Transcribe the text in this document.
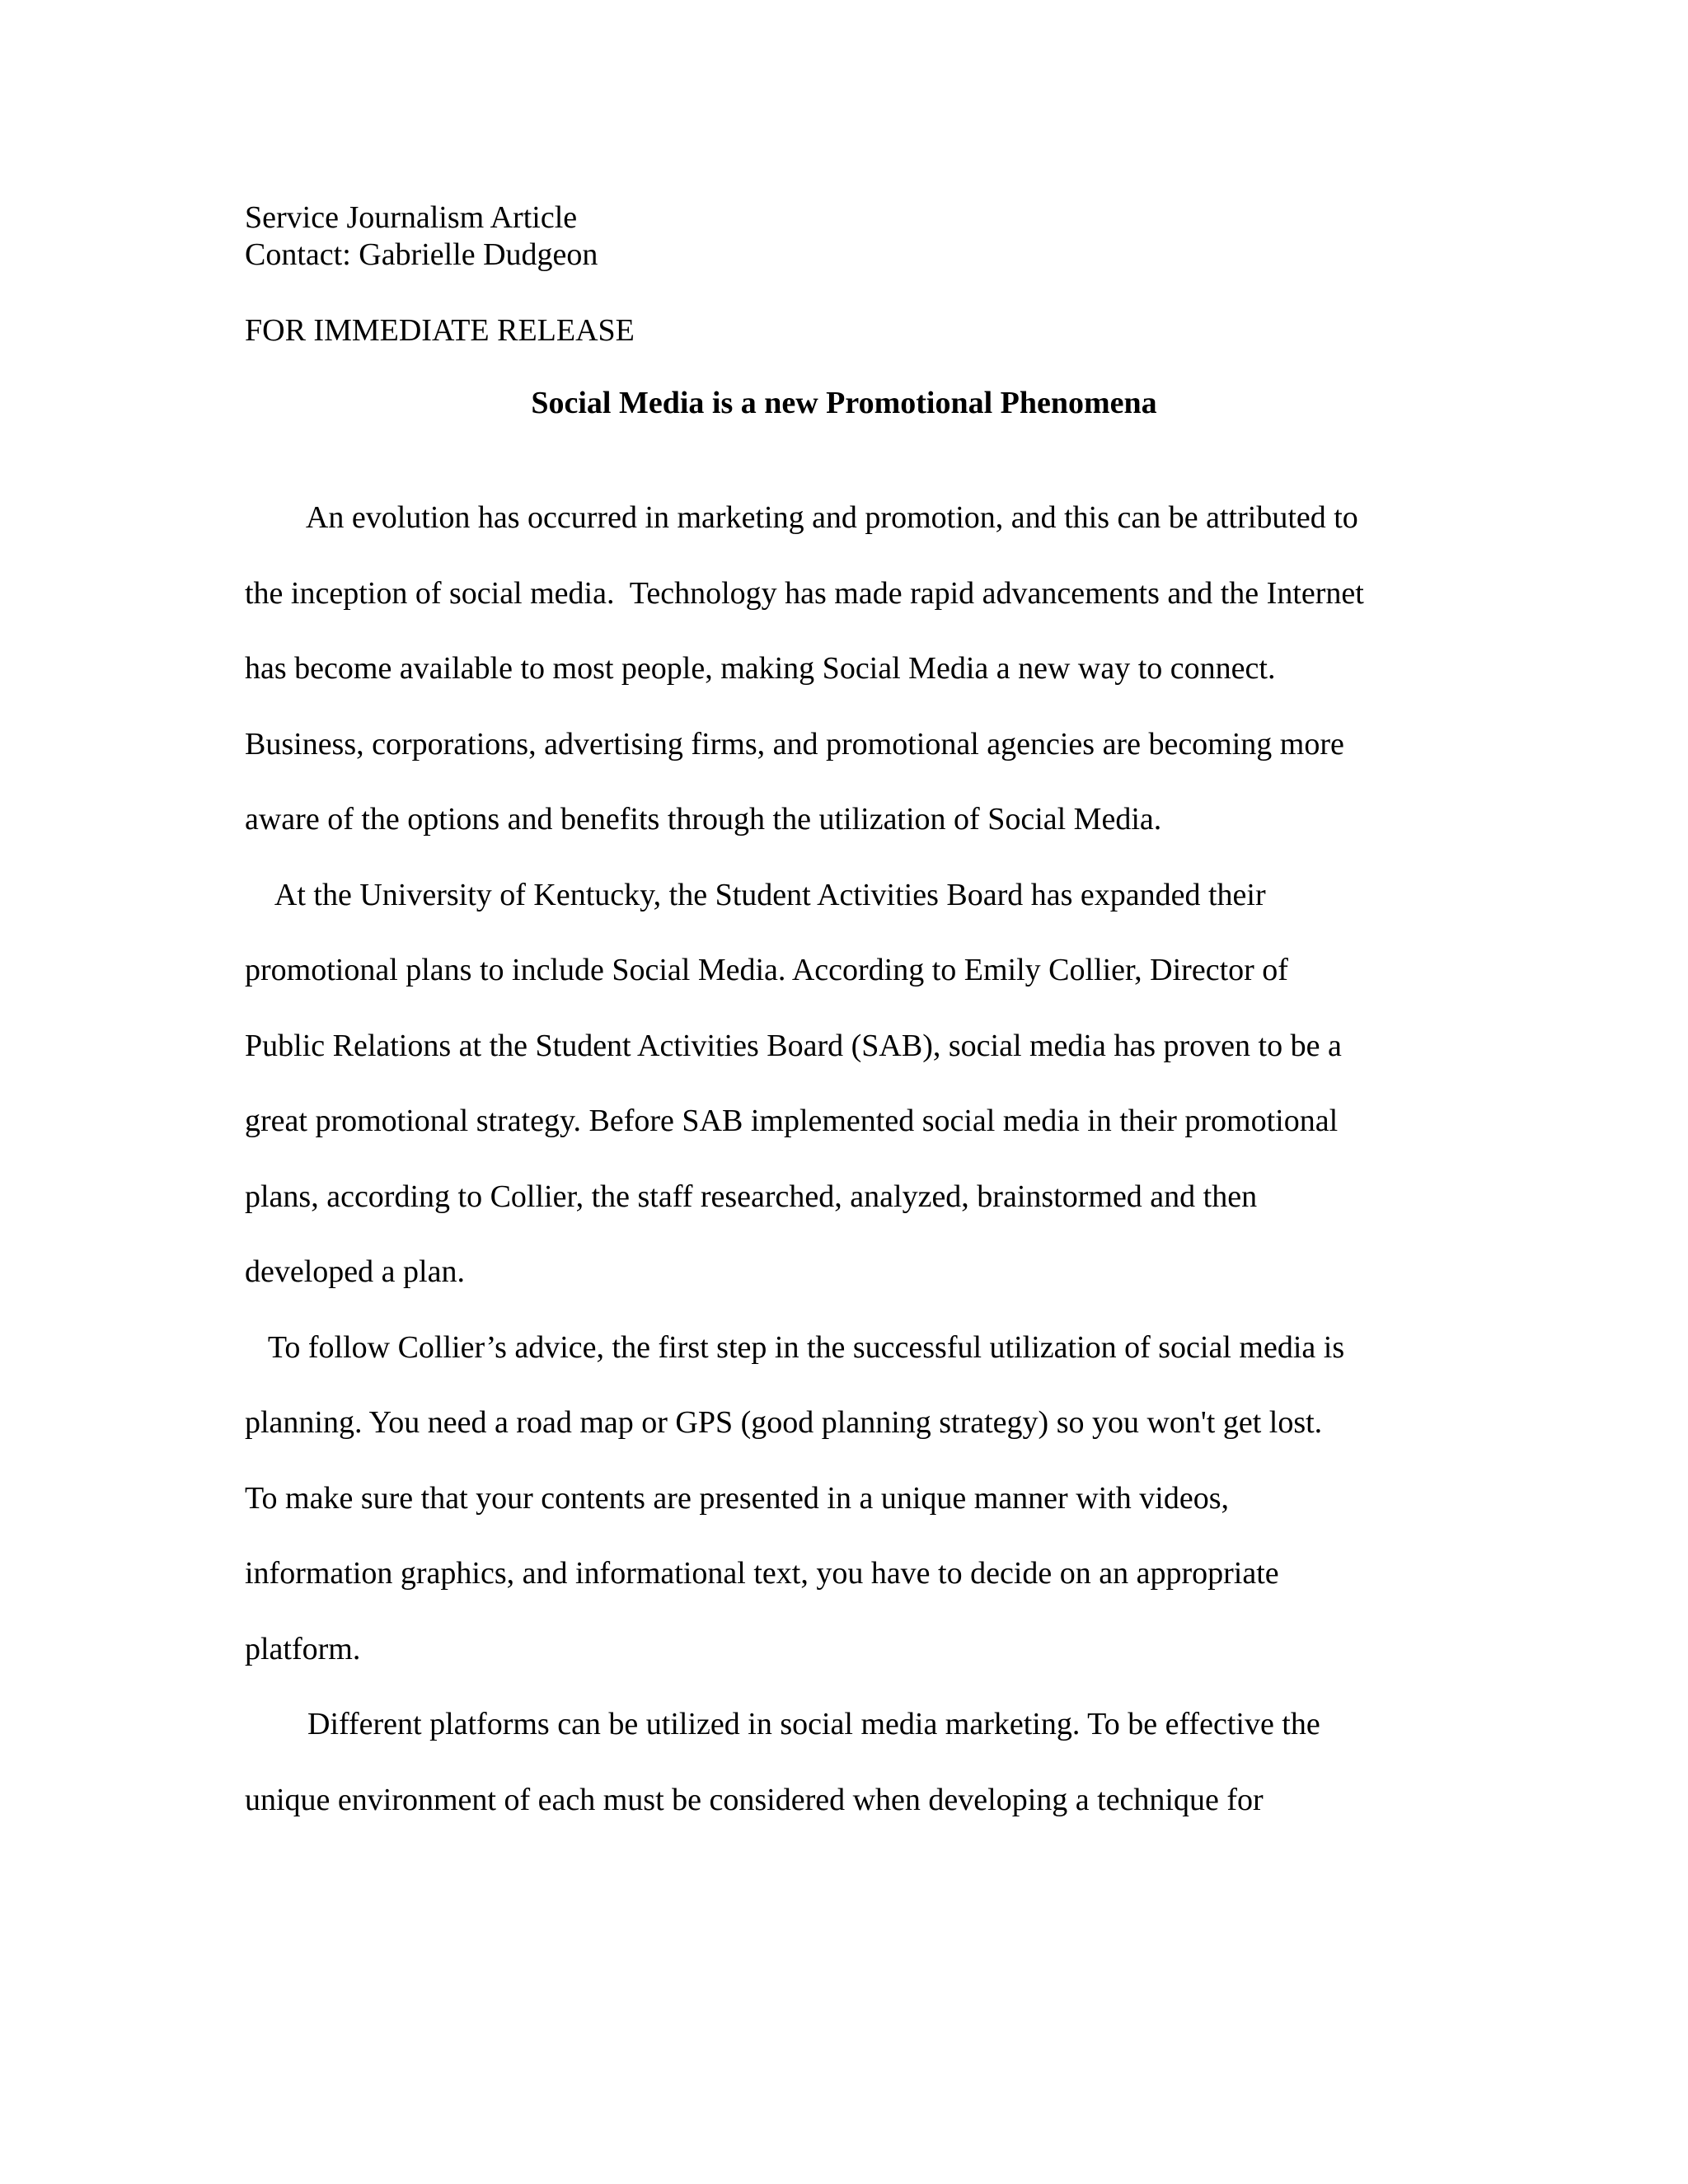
Service Journalism Article
Contact: Gabrielle Dudgeon
FOR IMMEDIATE RELEASE
Social Media is a new Promotional Phenomena
An evolution has occurred in marketing and promotion, and this can be attributed to
the inception of social media.  Technology has made rapid advancements and the Internet
has become available to most people, making Social Media a new way to connect.
Business, corporations, advertising firms, and promotional agencies are becoming more
aware of the options and benefits through the utilization of Social Media.
At the University of Kentucky, the Student Activities Board has expanded their
promotional plans to include Social Media. According to Emily Collier, Director of
Public Relations at the Student Activities Board (SAB), social media has proven to be a
great promotional strategy. Before SAB implemented social media in their promotional
plans, according to Collier, the staff researched, analyzed, brainstormed and then
developed a plan.
To follow Collier’s advice, the first step in the successful utilization of social media is
planning. You need a road map or GPS (good planning strategy) so you won't get lost.
To make sure that your contents are presented in a unique manner with videos,
information graphics, and informational text, you have to decide on an appropriate
platform.
Different platforms can be utilized in social media marketing. To be effective the
unique environment of each must be considered when developing a technique for
